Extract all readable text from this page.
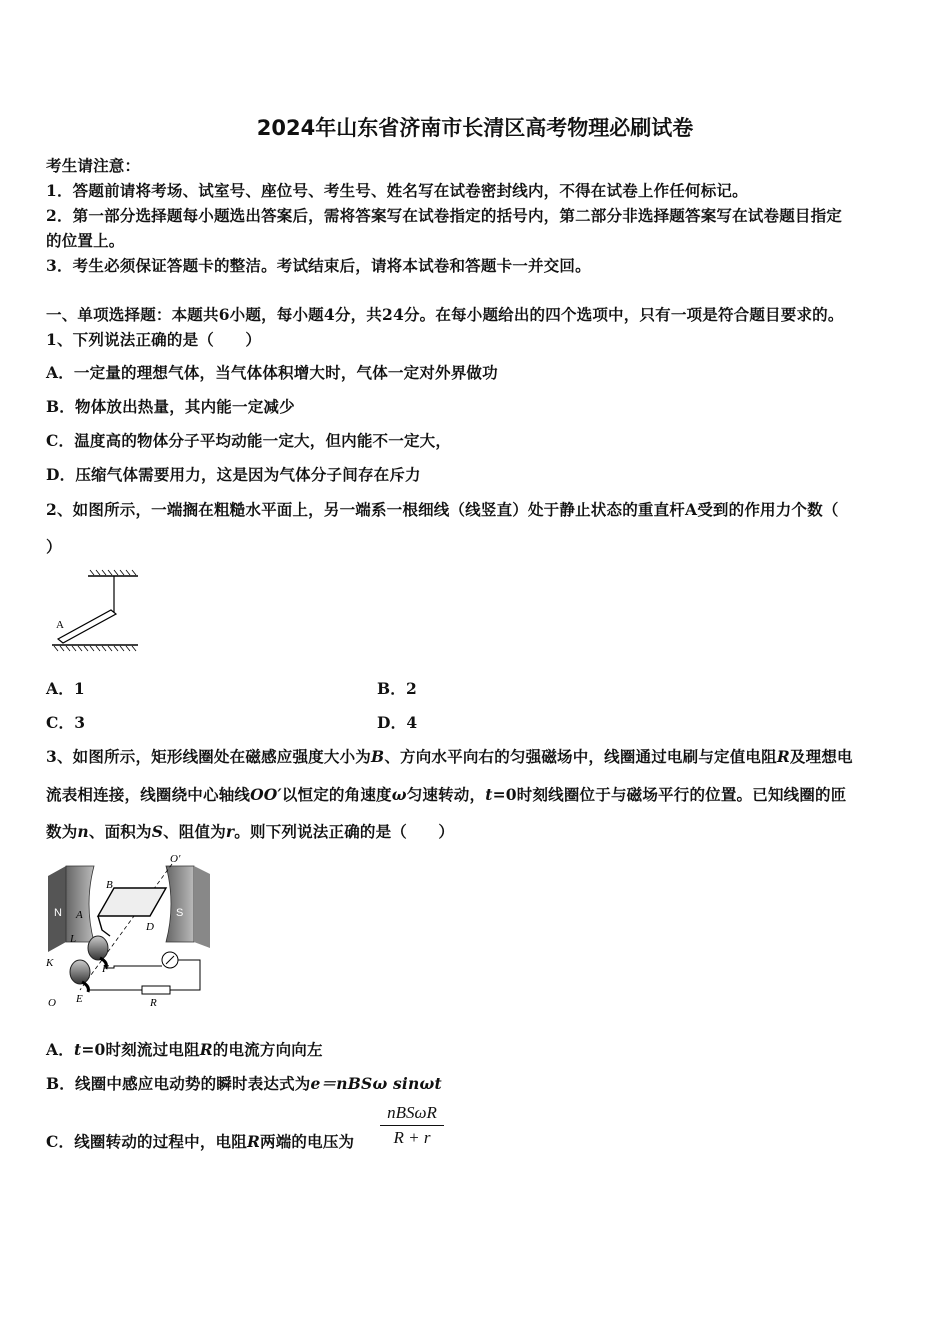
2024年山东省济南市长清区高考物理必刷试卷
考生请注意：
1．答题前请将考场、试室号、座位号、考生号、姓名写在试卷密封线内，不得在试卷上作任何标记。
2．第一部分选择题每小题选出答案后，需将答案写在试卷指定的括号内，第二部分非选择题答案写在试卷题目指定
的位置上。
3．考生必须保证答题卡的整洁。考试结束后，请将本试卷和答题卡一并交回。
一、单项选择题：本题共6小题，每小题4分，共24分。在每小题给出的四个选项中，只有一项是符合题目要求的。
1、下列说法正确的是（　　）
A．一定量的理想气体，当气体体积增大时，气体一定对外界做功
B．物体放出热量，其内能一定减少
C．温度高的物体分子平均动能一定大，但内能不一定大，
D．压缩气体需要用力，这是因为气体分子间存在斥力
2、如图所示，一端搁在粗糙水平面上，另一端系一根细线（线竖直）处于静止状态的重直杆A受到的作用力个数（
）
A
A．1	B．2
C．3	D．4
3、如图所示，矩形线圈处在磁感应强度大小为B、方向水平向右的匀强磁场中，线圈通过电刷与定值电阻R及理想电
流表相连接，线圈绕中心轴线OO′以恒定的角速度ω匀速转动，t=0时刻线圈位于与磁场平行的位置。已知线圈的匝
数为n、面积为S、阻值为r。则下列说法正确的是（　　）
N	S
O′
B
A
D
L
K	F
O E	R
A．t=0时刻流过电阻R的电流方向向左
B．线圈中感应电动势的瞬时表达式为e＝nBSω sinωt
C．线圈转动的过程中，电阻R两端的电压为
nBSωR
R + r
